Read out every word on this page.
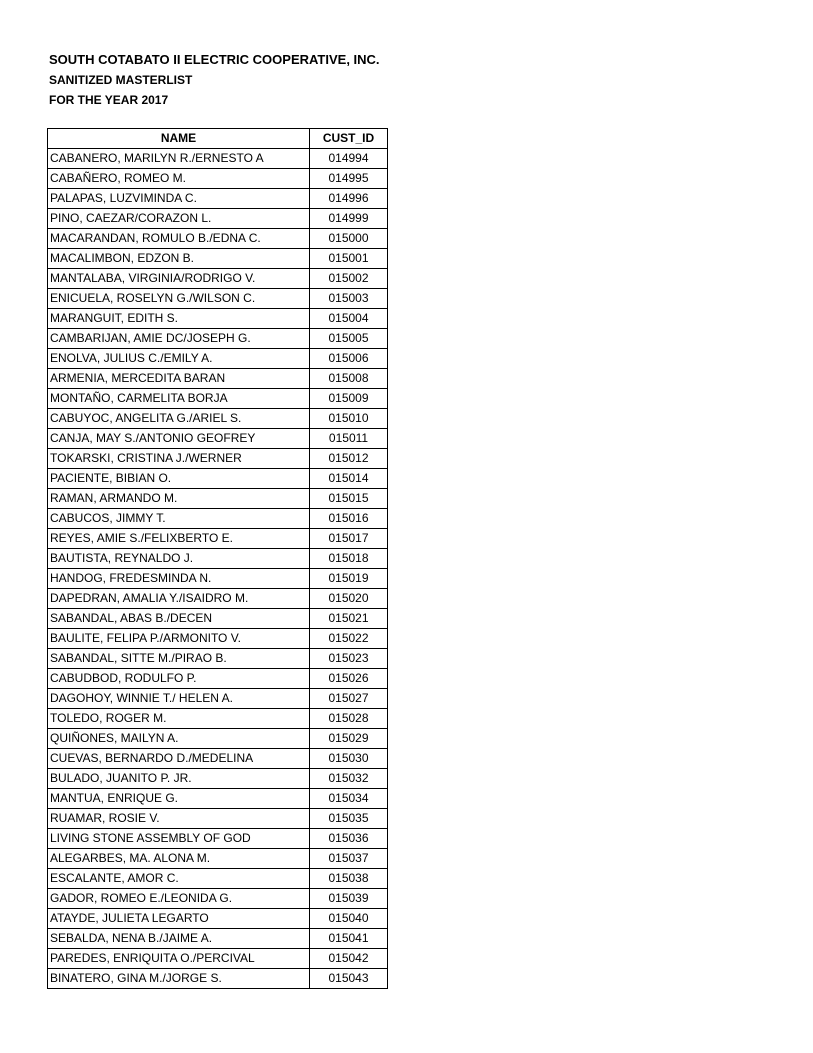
SOUTH COTABATO II ELECTRIC COOPERATIVE, INC.
SANITIZED MASTERLIST
FOR THE YEAR 2017
NAME	CUST_ID
CABANERO, MARILYN R./ERNESTO A	014994
CABAÑERO, ROMEO M.	014995
PALAPAS, LUZVIMINDA C.	014996
PINO, CAEZAR/CORAZON L.	014999
MACARANDAN, ROMULO B./EDNA C.	015000
MACALIMBON, EDZON B.	015001
MANTALABA, VIRGINIA/RODRIGO V.	015002
ENICUELA, ROSELYN G./WILSON C.	015003
MARANGUIT, EDITH S.	015004
CAMBARIJAN, AMIE DC/JOSEPH G.	015005
ENOLVA, JULIUS C./EMILY A.	015006
ARMENIA, MERCEDITA BARAN	015008
MONTAÑO, CARMELITA BORJA	015009
CABUYOC, ANGELITA G./ARIEL S.	015010
CANJA, MAY S./ANTONIO GEOFREY	015011
TOKARSKI, CRISTINA J./WERNER	015012
PACIENTE, BIBIAN O.	015014
RAMAN, ARMANDO M.	015015
CABUCOS, JIMMY T.	015016
REYES, AMIE S./FELIXBERTO E.	015017
BAUTISTA, REYNALDO J.	015018
HANDOG, FREDESMINDA N.	015019
DAPEDRAN, AMALIA Y./ISAIDRO M.	015020
SABANDAL, ABAS B./DECEN	015021
BAULITE, FELIPA P./ARMONITO V.	015022
SABANDAL, SITTE M./PIRAO B.	015023
CABUDBOD, RODULFO P.	015026
DAGOHOY, WINNIE T./ HELEN A.	015027
TOLEDO, ROGER M.	015028
QUIÑONES, MAILYN A.	015029
CUEVAS, BERNARDO D./MEDELINA	015030
BULADO, JUANITO P. JR.	015032
MANTUA, ENRIQUE G.	015034
RUAMAR, ROSIE V.	015035
LIVING STONE ASSEMBLY OF GOD	015036
ALEGARBES, MA. ALONA M.	015037
ESCALANTE, AMOR C.	015038
GADOR, ROMEO E./LEONIDA G.	015039
ATAYDE, JULIETA LEGARTO	015040
SEBALDA, NENA B./JAIME A.	015041
PAREDES, ENRIQUITA O./PERCIVAL	015042
BINATERO, GINA M./JORGE S.	015043
